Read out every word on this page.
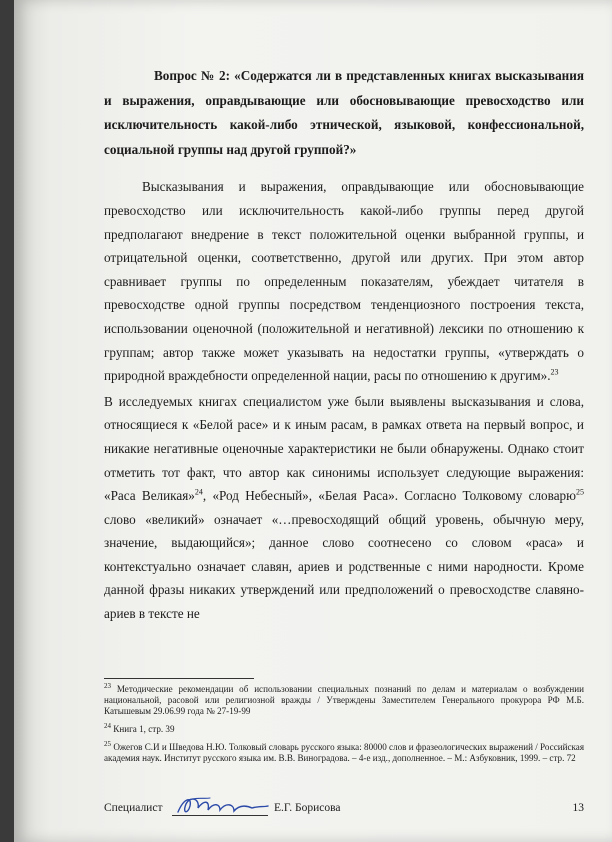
Вопрос № 2: «Содержатся ли в представленных книгах высказывания и выражения, оправдывающие или обосновывающие превосходство или исключительность какой-либо этнической, языковой, конфессиональной, социальной группы над другой группой?»

Высказывания и выражения, оправдывающие или обосновывающие превосходство или исключительность какой-либо группы перед другой предполагают внедрение в текст положительной оценки выбранной группы, и отрицательной оценки, соответственно, другой или других. При этом автор сравнивает группы по определенным показателям, убеждает читателя в превосходстве одной группы посредством тенденциозного построения текста, использовании оценочной (положительной и негативной) лексики по отношению к группам; автор также может указывать на недостатки группы, «утверждать о природной враждебности определенной нации, расы по отношению к другим».$^{23}$

В исследуемых книгах специалистом уже были выявлены высказывания и слова, относящиеся к «Белой расе» и к иным расам, в рамках ответа на первый вопрос, и никакие негативные оценочные характеристики не были обнаружены. Однако стоит отметить тот факт, что автор как синонимы использует следующие выражения: «Раса Великая»$^{24}$, «Род Небесный», «Белая Раса». Согласно Толковому словарю$^{25}$ слово «великий» означает «…превосходящий общий уровень, обычную меру, значение, выдающийся»; данное слово соотнесено со словом «раса» и контекстуально означает славян, ариев и родственные с ними народности. Кроме данной фразы никаких утверждений или предположений о превосходстве славяно-ариев в тексте не

$^{23}$ Методические рекомендации об использовании специальных познаний по делам и материалам о возбуждении национальной, расовой или религиозной вражды / Утверждены Заместителем Генерального прокурора РФ М.Б. Катышевым 29.06.99 года № 27-19-99

$^{24}$ Книга 1, стр. 39

$^{25}$ Ожегов С.И и Шведова Н.Ю. Толковый словарь русского языка: 80000 слов и фразеологических выражений / Российская академия наук. Институт русского языка им. В.В. Виноградова. – 4-е изд., дополненное. – М.: Азбуковник, 1999. – стр. 72

Специалист	Е.Г. Борисова	13
